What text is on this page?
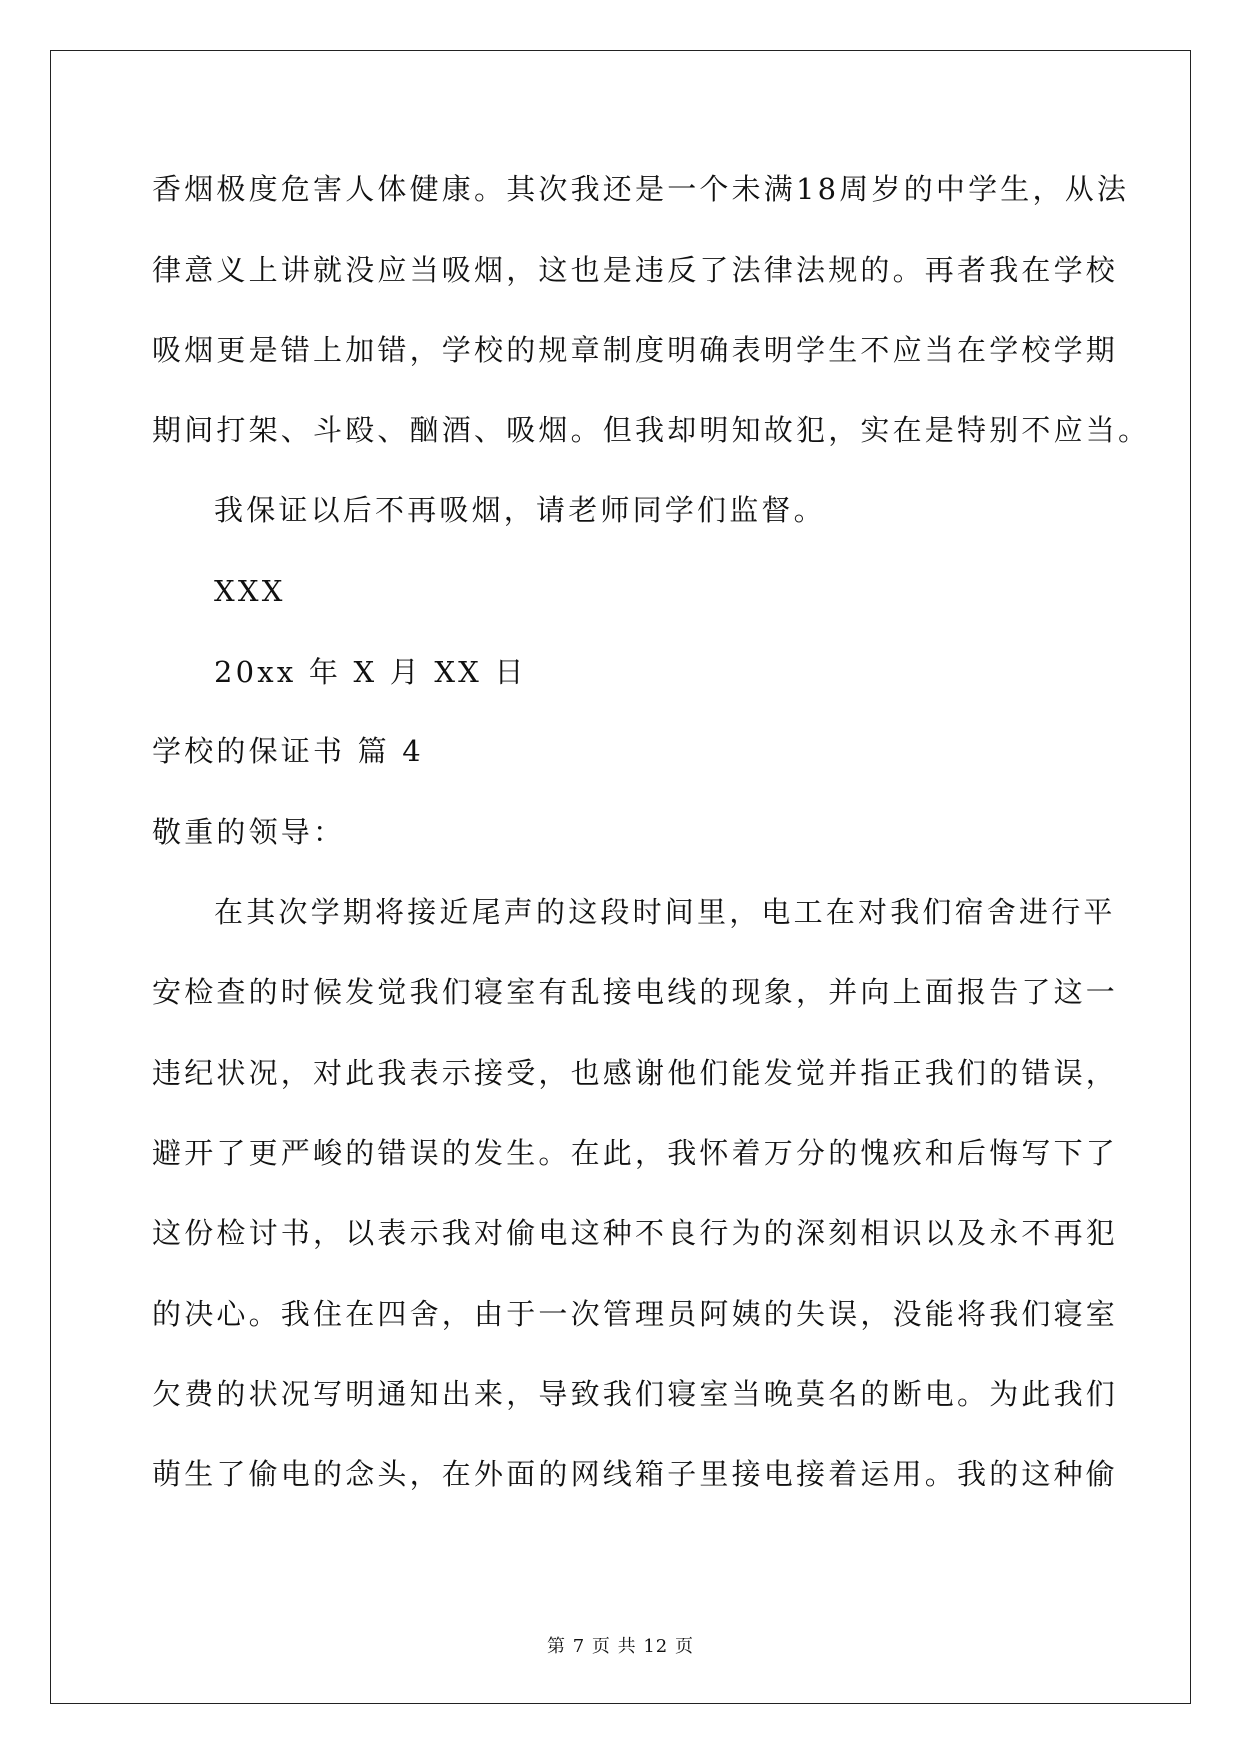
香烟极度危害人体健康。其次我还是一个未满18周岁的中学生，从法
律意义上讲就没应当吸烟，这也是违反了法律法规的。再者我在学校
吸烟更是错上加错，学校的规章制度明确表明学生不应当在学校学期
期间打架、斗殴、酗酒、吸烟。但我却明知故犯，实在是特别不应当。
我保证以后不再吸烟，请老师同学们监督。
XXX
20xx 年 X 月 XX 日
学校的保证书 篇 4
敬重的领导：
在其次学期将接近尾声的这段时间里，电工在对我们宿舍进行平
安检查的时候发觉我们寝室有乱接电线的现象，并向上面报告了这一
违纪状况，对此我表示接受，也感谢他们能发觉并指正我们的错误，
避开了更严峻的错误的发生。在此，我怀着万分的愧疚和后悔写下了
这份检讨书，以表示我对偷电这种不良行为的深刻相识以及永不再犯
的决心。我住在四舍，由于一次管理员阿姨的失误，没能将我们寝室
欠费的状况写明通知出来，导致我们寝室当晚莫名的断电。为此我们
萌生了偷电的念头，在外面的网线箱子里接电接着运用。我的这种偷
第 7 页 共 12 页
